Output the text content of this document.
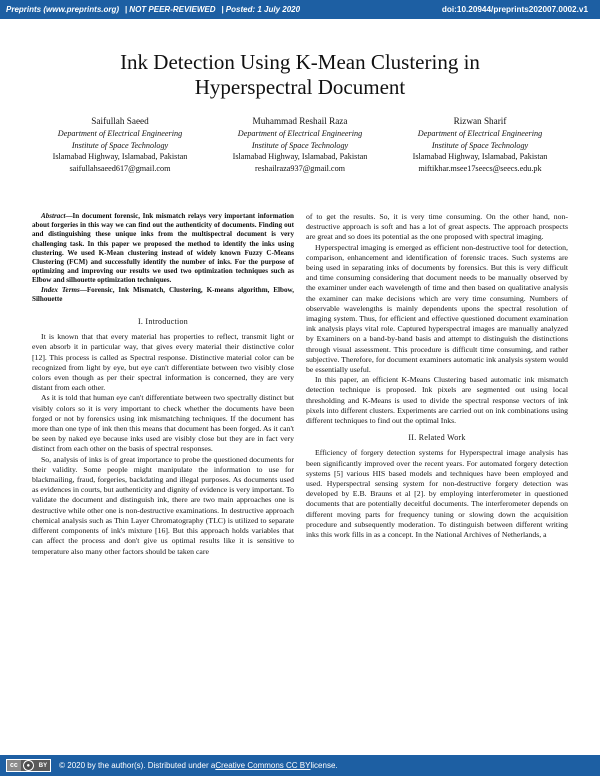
Preprints (www.preprints.org) | NOT PEER-REVIEWED | Posted: 1 July 2020	doi:10.20944/preprints202007.0002.v1
Ink Detection Using K-Mean Clustering in
Hyperspectral Document
Saifullah Saeed
Department of Electrical Engineering
Institute of Space Technology
Islamabad Highway, Islamabad, Pakistan
saifullahsaeed617@gmail.com
Muhammad Reshail Raza
Department of Electrical Engineering
Institute of Space Technology
Islamabad Highway, Islamabad, Pakistan
reshailraza937@gmail.com
Rizwan Sharif
Department of Electrical Engineering
Institute of Space Technology
Islamabad Highway, Islamabad, Pakistan
miftikhar.msee17seecs@seecs.edu.pk

Abstract—In document forensic, Ink mismatch relays very important information about forgeries in this way we can find out the authenticity of documents. Finding out and distinguishing these unique inks from the multispectral document is very challenging task. In this paper we proposed the method to identify the inks using clustering. We used K-Mean clustering instead of widely known Fuzzy C-Means Clustering (FCM) and successfully identify the number of inks. For the purpose of optimizing and improving our results we used two optimization techniques such as Elbow and silhouette optimization techniques.

Index Terms—Forensic, Ink Mismatch, Clustering, K-means algorithm, Elbow, Silhouette

I. Introduction

It is known that that every material has properties to reflect, transmit light or even absorb it in particular way, that gives every material their distinctive color [12]. This process is called as Spectral response. Distinctive material color can be recognized from light by eye, but eye can't differentiate between two visibly close colors even though as per their spectral information is concerned, they are very distant from each other.

As it is told that human eye can't differentiate between two spectrally distinct but visibly colors so it is very important to check whether the documents have been forged or not by forensics using ink mismatching techniques. If the document has more than one type of ink then this means that document has been forged. As it can't be seen by naked eye because inks used are visibly close but they are in fact very distinct from each other on the basis of spectral responses.

So, analysis of inks is of great importance to probe the questioned documents for their validity. Some people might manipulate the information to use for blackmailing, fraud, forgeries, backdating and illegal purposes. As documents used as evidences in courts, but authenticity and dignity of evidence is very important. To validate the document and distinguish ink, there are two main approaches one is destructive while other one is non-destructive examinations. In destructive approach chemical analysis such as Thin Layer Chromatography (TLC) is utilized to separate different components of ink's mixture [16]. But this approach holds variables that can affect the process and don't give us optimal results like it is sensitive to temperature also many other factors should be taken care

of to get the results. So, it is very time consuming. On the other hand, non-destructive approach is soft and has a lot of great aspects. The approach prospects are great and so does its potential as the one proposed with spectral imaging.

Hyperspectral imaging is emerged as efficient non-destructive tool for detection, comparison, enhancement and identification of forensic traces. Such systems are being used in separating inks of documents by forensics. But this is very difficult and time consuming considering that document needs to be manually observed by the examiner under each wavelength of time and then based on qualitative analysis the examiner can make decisions which are very time consuming. Numbers of observable wavelengths is mainly dependents upons the spectral resolution of imaging system. Thus, for efficient and effective questioned document examination ink analysis plays vital role. Captured hyperspectral images are manually analyzed by Examiners on a band-by-band basis and attempt to distinguish the distinctions through visual assessment. This procedure is difficult time consuming, and rather subjective. Therefore, for document examiners automatic ink analysis system would be essentially useful.

In this paper, an efficient K-Means Clustering based automatic ink mismatch detection technique is proposed. Ink pixels are segmented out using local thresholding and K-Means is used to divide the spectral response vectors of ink pixels into different clusters. Experiments are carried out on ink combinations using different techniques to find out the optimal Inks.

II. Related Work

Efficiency of forgery detection systems for Hyperspectral image analysis has been significantly improved over the recent years. For automated forgery detection systems [5] various HIS based models and techniques have been employed and used. Hyperspectral sensing system for non-destructive forgery detection was developed by E.B. Brauns et al [2]. by employing interferometer in questioned documents that are potentially deceitful documents. The interferometer depends on different moving parts for frequency tuning or slowing down the acquisition procedure and subsequently moderation. To distinguish between different writing inks this work fills in as a concept. In the National Archives of Netherlands, a

cc	●	BY	© 2020 by the author(s). Distributed under a Creative Commons CC BY license.
